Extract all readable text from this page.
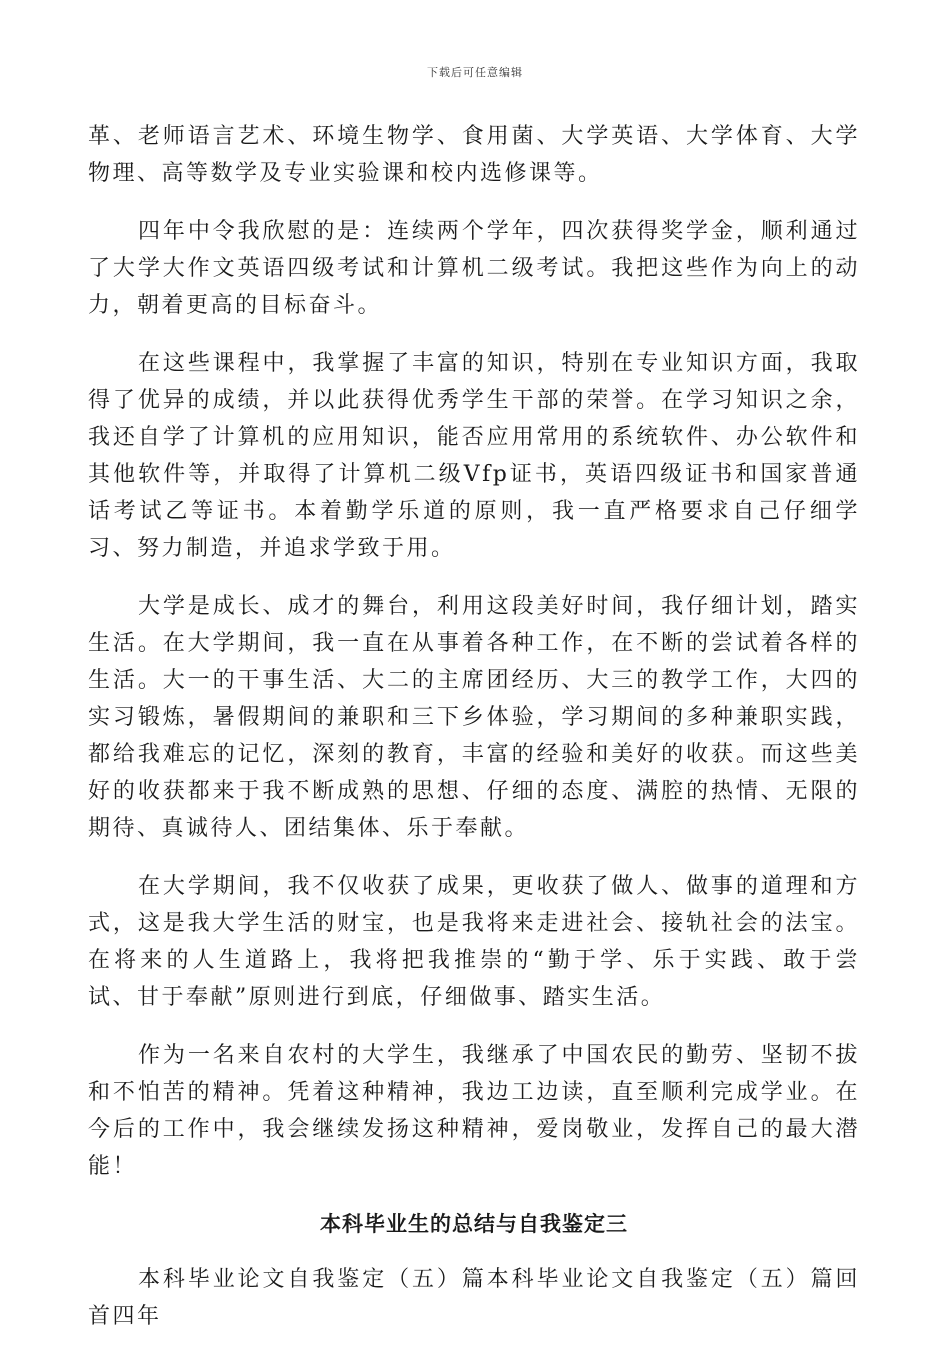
下载后可任意编辑

革、老师语言艺术、环境生物学、食用菌、大学英语、大学体育、大学物理、高等数学及专业实验课和校内选修课等。

四年中令我欣慰的是：连续两个学年，四次获得奖学金，顺利通过了大学大作文英语四级考试和计算机二级考试。我把这些作为向上的动力，朝着更高的目标奋斗。

在这些课程中，我掌握了丰富的知识，特别在专业知识方面，我取得了优异的成绩，并以此获得优秀学生干部的荣誉。在学习知识之余，我还自学了计算机的应用知识，能否应用常用的系统软件、办公软件和其他软件等，并取得了计算机二级Vfp证书，英语四级证书和国家普通话考试乙等证书。本着勤学乐道的原则，我一直严格要求自己仔细学习、努力制造，并追求学致于用。

大学是成长、成才的舞台，利用这段美好时间，我仔细计划，踏实生活。在大学期间，我一直在从事着各种工作，在不断的尝试着各样的生活。大一的干事生活、大二的主席团经历、大三的教学工作，大四的实习锻炼，暑假期间的兼职和三下乡体验，学习期间的多种兼职实践，都给我难忘的记忆，深刻的教育，丰富的经验和美好的收获。而这些美好的收获都来于我不断成熟的思想、仔细的态度、满腔的热情、无限的期待、真诚待人、团结集体、乐于奉献。

在大学期间，我不仅收获了成果，更收获了做人、做事的道理和方式，这是我大学生活的财宝，也是我将来走进社会、接轨社会的法宝。在将来的人生道路上，我将把我推崇的“勤于学、乐于实践、敢于尝试、甘于奉献”原则进行到底，仔细做事、踏实生活。

作为一名来自农村的大学生，我继承了中国农民的勤劳、坚韧不拔和不怕苦的精神。凭着这种精神，我边工边读，直至顺利完成学业。在今后的工作中，我会继续发扬这种精神，爱岗敬业，发挥自己的最大潜能！

本科毕业生的总结与自我鉴定三

本科毕业论文自我鉴定（五）篇本科毕业论文自我鉴定（五）篇回首四年
